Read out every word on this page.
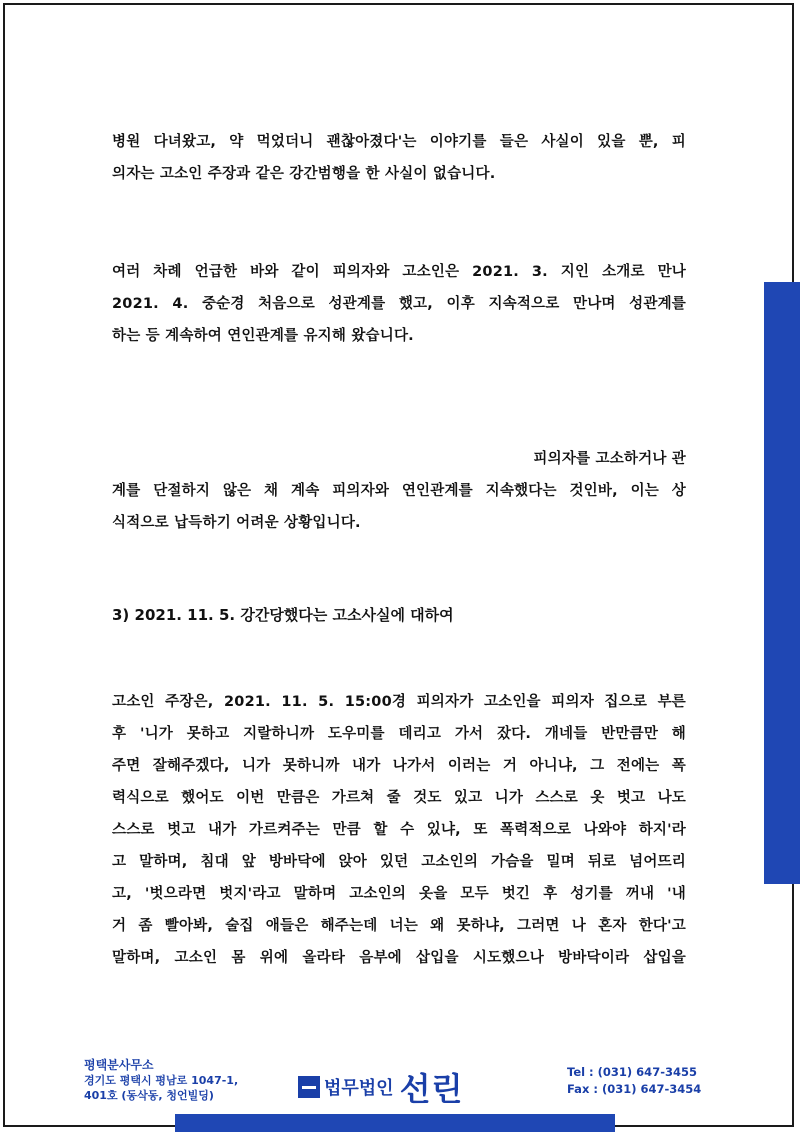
병원 다녀왔고, 약 먹었더니 괜찮아졌다'는 이야기를 들은 사실이 있을 뿐, 피
의자는 고소인 주장과 같은 강간범행을 한 사실이 없습니다.
여러 차례 언급한 바와 같이 피의자와 고소인은 2021. 3. 지인 소개로 만나
2021. 4. 중순경 처음으로 성관계를 했고, 이후 지속적으로 만나며 성관계를
하는 등 계속하여 연인관계를 유지해 왔습니다.
피의자를 고소하거나 관
계를 단절하지 않은 채 계속 피의자와 연인관계를 지속했다는 것인바, 이는 상
식적으로 납득하기 어려운 상황입니다.
3) 2021. 11. 5. 강간당했다는 고소사실에 대하여
고소인 주장은, 2021. 11. 5. 15:00경 피의자가 고소인을 피의자 집으로 부른
후 '니가 못하고 지랄하니까 도우미를 데리고 가서 잤다. 개네들 반만큼만 해
주면 잘해주겠다, 니가 못하니까 내가 나가서 이러는 거 아니냐, 그 전에는 폭
력식으로 했어도 이번 만큼은 가르쳐 줄 것도 있고 니가 스스로 옷 벗고 나도
스스로 벗고 내가 가르켜주는 만큼 할 수 있냐, 또 폭력적으로 나와야 하지'라
고 말하며, 침대 앞 방바닥에 앉아 있던 고소인의 가슴을 밀며 뒤로 넘어뜨리
고, '벗으라면 벗지'라고 말하며 고소인의 옷을 모두 벗긴 후 성기를 꺼내 '내
거 좀 빨아봐, 술집 애들은 해주는데 너는 왜 못하냐, 그러면 나 혼자 한다'고
말하며, 고소인 몸 위에 올라타 음부에 삽입을 시도했으나 방바닥이라 삽입을
평택분사무소
경기도 평택시 평남로 1047-1,
401호 (동삭동, 청언빌딩)	법무법인 선린	Tel : (031) 647-3455
Fax : (031) 647-3454
